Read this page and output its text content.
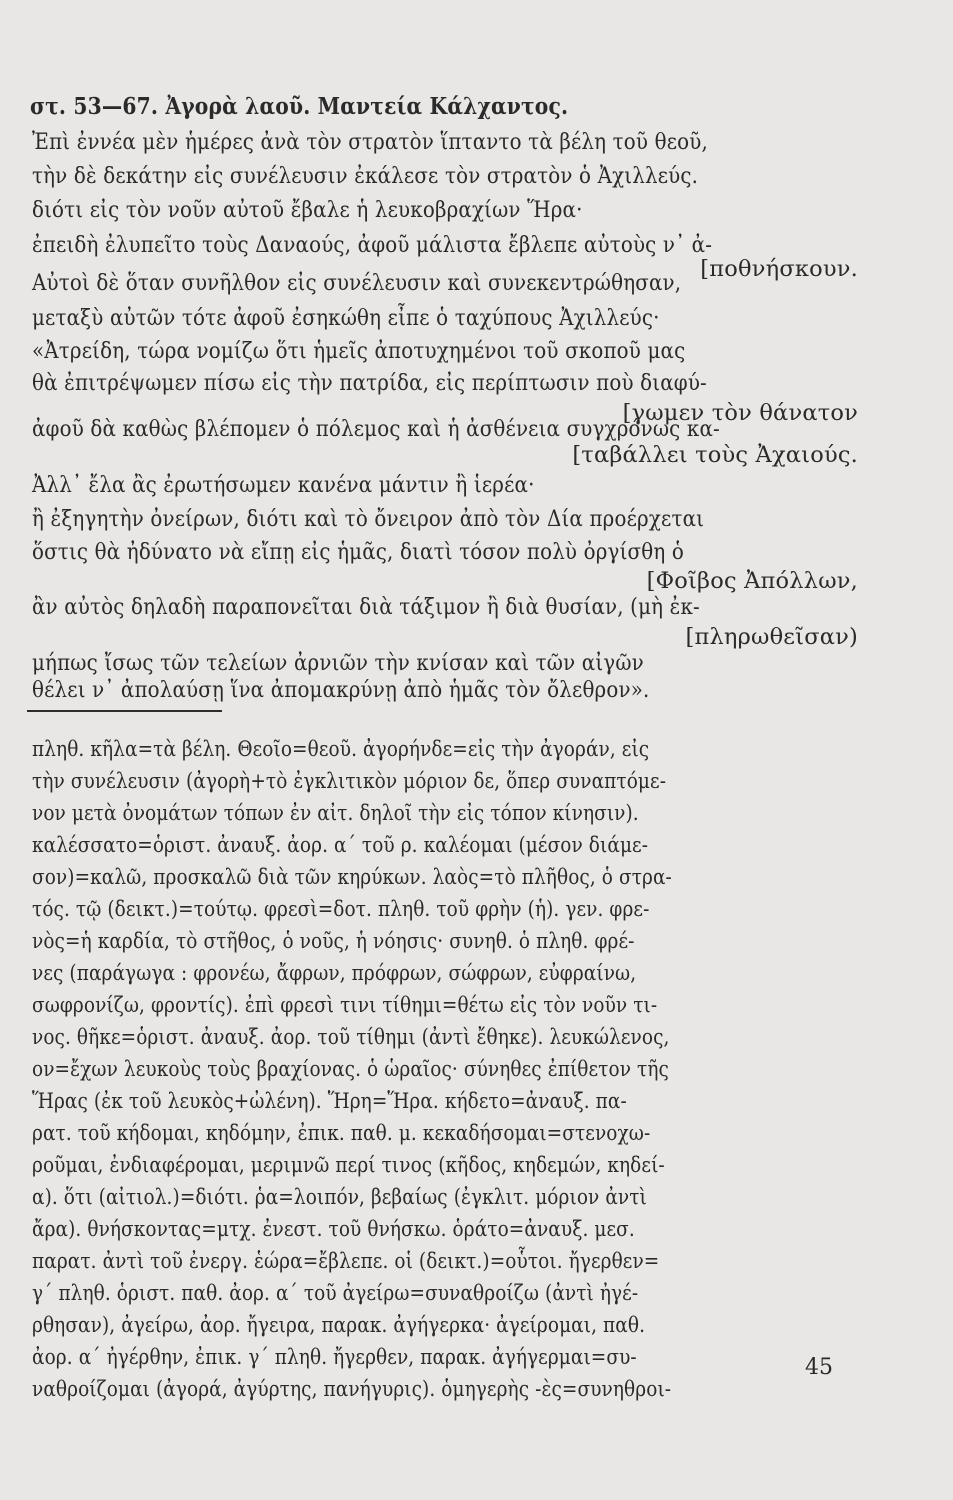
στ. 53—67. Ἀγορὰ λαοῦ. Μαντεία Κάλχαντος.
Ἐπὶ ἐννέα μὲν ἡμέρες ἀνὰ τὸν στρατὸν ἵπταντο τὰ βέλη τοῦ θεοῦ,
τὴν δὲ δεκάτην εἰς συνέλευσιν ἐκάλεσε τὸν στρατὸν ὁ Ἀχιλλεύς.
διότι εἰς τὸν νοῦν αὐτοῦ ἔβαλε ἡ λευκοβραχίων Ἥρα·
ἐπειδὴ ἐλυπεῖτο τοὺς Δαναούς, ἀφοῦ μάλιστα ἔβλεπε αὐτοὺς ν᾽ ἀ-
[ποθνήσκουν.
Αὐτοὶ δὲ ὅταν συνῆλθον εἰς συνέλευσιν καὶ συνεκεντρώθησαν,
μεταξὺ αὐτῶν τότε ἀφοῦ ἐσηκώθη εἶπε ὁ ταχύπους Ἀχιλλεύς·
«Ἀτρείδη, τώρα νομίζω ὅτι ἡμεῖς ἀποτυχημένοι τοῦ σκοποῦ μας
θὰ ἐπιτρέψωμεν πίσω εἰς τὴν πατρίδα, εἰς περίπτωσιν ποὺ διαφύ-
[γωμεν τὸν θάνατον
ἀφοῦ δὰ καθὼς βλέπομεν ὁ πόλεμος καὶ ἡ ἀσθένεια συγχρόνως κα-
[ταβάλλει τοὺς Ἀχαιούς.
Ἀλλ᾽ ἔλα ἂς ἐρωτήσωμεν κανένα μάντιν ἢ ἱερέα·
ἢ ἐξηγητὴν ὀνείρων, διότι καὶ τὸ ὄνειρον ἀπὸ τὸν Δία προέρχεται
ὅστις θὰ ἠδύνατο νὰ εἴπῃ εἰς ἡμᾶς, διατὶ τόσον πολὺ ὀργίσθη ὁ
[Φοῖβος Ἀπόλλων,
ἂν αὐτὸς δηλαδὴ παραπονεῖται διὰ τάξιμον ἢ διὰ θυσίαν, (μὴ ἐκ-
[πληρωθεῖσαν)
μήπως ἴσως τῶν τελείων ἀρνιῶν τὴν κνίσαν καὶ τῶν αἰγῶν
θέλει ν᾽ ἀπολαύσῃ ἵνα ἀπομακρύνῃ ἀπὸ ἡμᾶς τὸν ὄλεθρον».
πληθ. κῆλα=τὰ βέλη. Θεοῖο=θεοῦ. ἀγορήνδε=εἰς τὴν ἀγοράν, εἰς
τὴν συνέλευσιν (ἀγορὴ+τὸ ἐγκλιτικὸν μόριον δε, ὅπερ συναπτόμε-
νον μετὰ ὀνομάτων τόπων ἐν αἰτ. δηλοῖ τὴν εἰς τόπον κίνησιν).
καλέσσατο=ὁριστ. ἀναυξ. ἀορ. α΄ τοῦ ρ. καλέομαι (μέσον διάμε-
σον)=καλῶ, προσκαλῶ διὰ τῶν κηρύκων. λαὸς=τὸ πλῆθος, ὁ στρα-
τός. τῷ (δεικτ.)=τούτῳ. φρεσὶ=δοτ. πληθ. τοῦ φρὴν (ἡ). γεν. φρε-
νὸς=ἡ καρδία, τὸ στῆθος, ὁ νοῦς, ἡ νόησις· συνηθ. ὁ πληθ. φρέ-
νες (παράγωγα : φρονέω, ἄφρων, πρόφρων, σώφρων, εὐφραίνω,
σωφρονίζω, φροντίς). ἐπὶ φρεσὶ τινι τίθημι=θέτω εἰς τὸν νοῦν τι-
νος. θῆκε=ὁριστ. ἀναυξ. ἀορ. τοῦ τίθημι (ἀντὶ ἔθηκε). λευκώλενος,
ον=ἔχων λευκοὺς τοὺς βραχίονας. ὁ ὡραῖος· σύνηθες ἐπίθετον τῆς
Ἥρας (ἐκ τοῦ λευκὸς+ὠλένη). Ἥρη=Ἥρα. κήδετο=ἀναυξ. πα-
ρατ. τοῦ κήδομαι, κηδόμην, ἐπικ. παθ. μ. κεκαδήσομαι=στενοχω-
ροῦμαι, ἐνδιαφέρομαι, μεριμνῶ περί τινος (κῆδος, κηδεμών, κηδεί-
α). ὅτι (αἰτιολ.)=διότι. ῥα=λοιπόν, βεβαίως (ἐγκλιτ. μόριον ἀντὶ
ἄρα). θνήσκοντας=μτχ. ἐνεστ. τοῦ θνήσκω. ὁράτο=ἀναυξ. μεσ.
παρατ. ἀντὶ τοῦ ἐνεργ. ἑώρα=ἔβλεπε. οἱ (δεικτ.)=οὗτοι. ἤγερθεν=
γ΄ πληθ. ὁριστ. παθ. ἀορ. α΄ τοῦ ἀγείρω=συναθροίζω (ἀντὶ ἠγέ-
ρθησαν), ἀγείρω, ἀορ. ἤγειρα, παρακ. ἀγήγερκα· ἀγείρομαι, παθ.
ἀορ. α΄ ἠγέρθην, ἐπικ. γ΄ πληθ. ἤγερθεν, παρακ. ἀγήγερμαι=συ-
ναθροίζομαι (ἀγορά, ἀγύρτης, πανήγυρις). ὁμηγερὴς -ὲς=συνηθροι-
45
